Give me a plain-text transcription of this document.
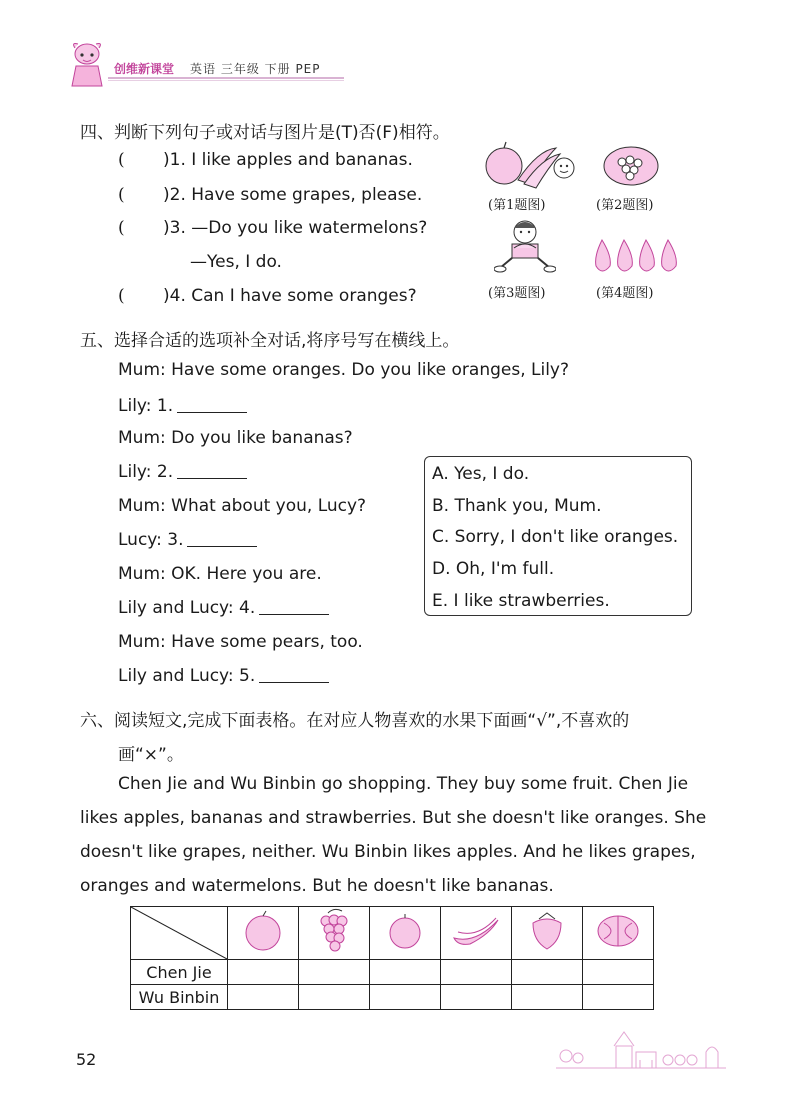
创维新课堂 英语 三年级 下册 PEP
四、判断下列句子或对话与图片是(T)否(F)相符。
( )1. I like apples and bananas.
( )2. Have some grapes, please.
( )3. —Do you like watermelons?
—Yes, I do.
( )4. Can I have some oranges?
(第1题图)	(第2题图)
(第3题图)	(第4题图)
五、选择合适的选项补全对话,将序号写在横线上。
Mum: Have some oranges. Do you like oranges, Lily?
Lily: 1.
Mum: Do you like bananas?
Lily: 2.
Mum: What about you, Lucy?
Lucy: 3.
Mum: OK. Here you are.
Lily and Lucy: 4.
Mum: Have some pears, too.
Lily and Lucy: 5.
A. Yes, I do.
B. Thank you, Mum.
C. Sorry, I don't like oranges.
D. Oh, I'm full.
E. I like strawberries.
六、阅读短文,完成下面表格。在对应人物喜欢的水果下面画“√”,不喜欢的
画“×”。
Chen Jie and Wu Binbin go shopping. They buy some fruit. Chen Jie
likes apples, bananas and strawberries. But she doesn't like oranges. She
doesn't like grapes, neither. Wu Binbin likes apples. And he likes grapes,
oranges and watermelons. But he doesn't like bananas.

Chen Jie						
Wu Binbin						
52
